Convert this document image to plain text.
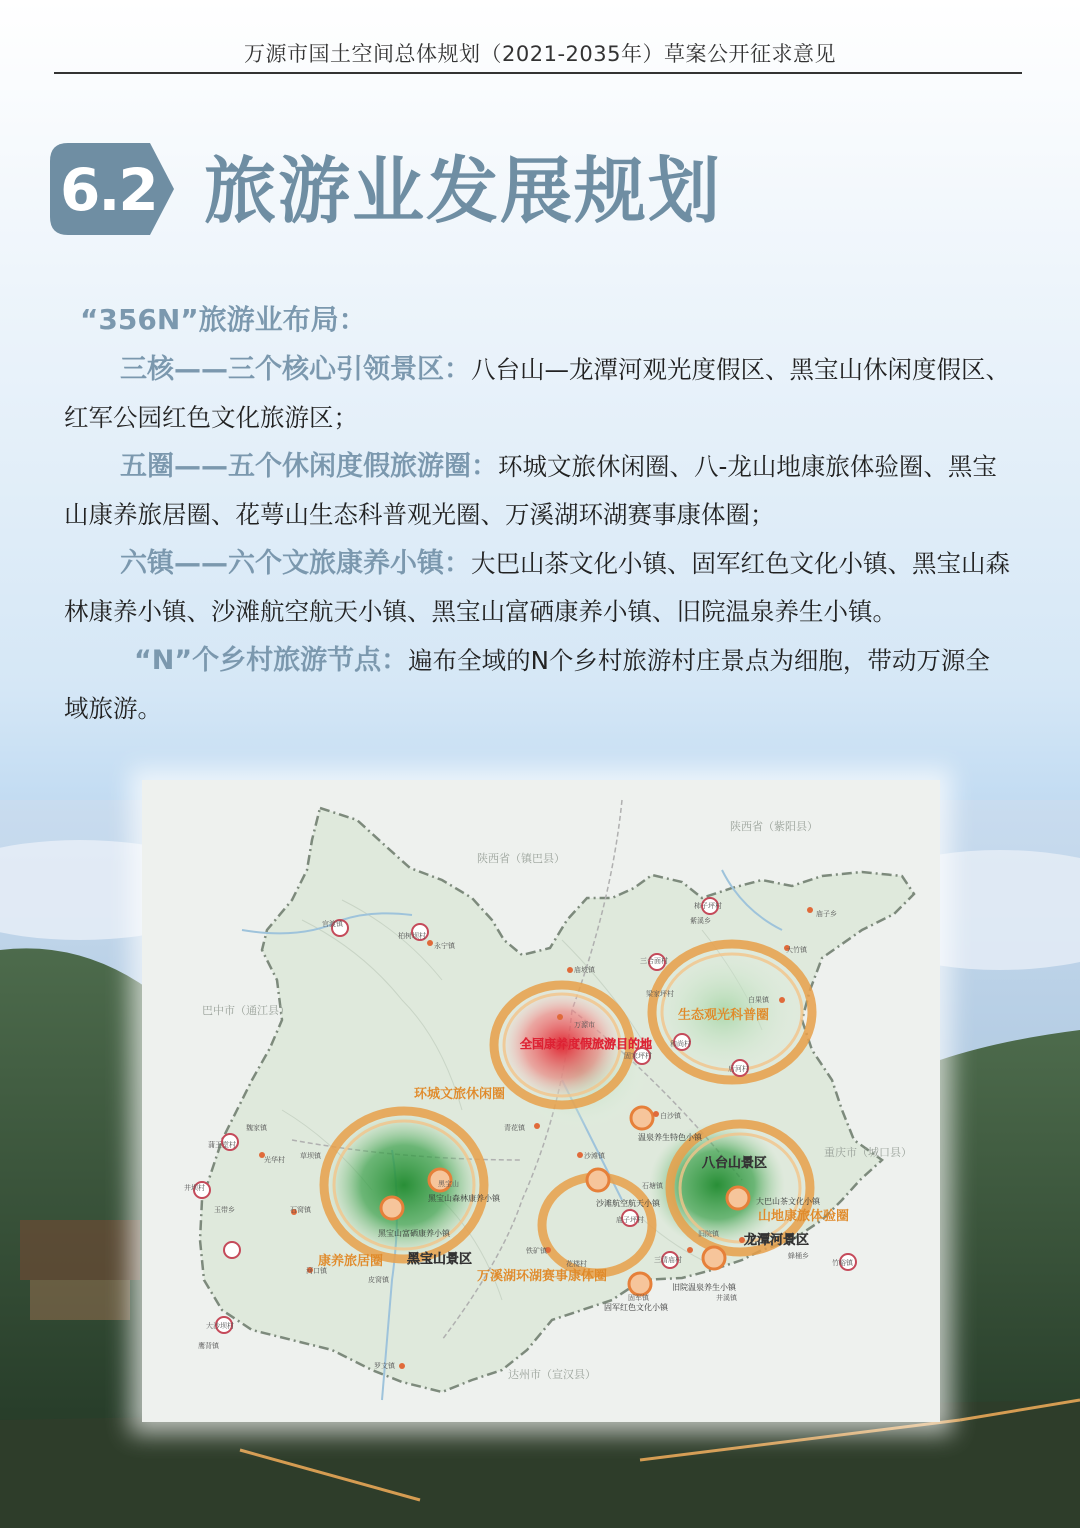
万源市国土空间总体规划（2021-2035年）草案公开征求意见
6.2 旅游业发展规划

“356N”旅游业布局：

三核——三个核心引领景区：八台山—龙潭河观光度假区、黑宝山休闲度假区、红军公园红色文化旅游区；

五圈——五个休闲度假旅游圈：环城文旅休闲圈、八-龙山地康旅体验圈、黑宝山康养旅居圈、花萼山生态科普观光圈、万溪湖环湖赛事康体圈；

六镇——六个文旅康养小镇：大巴山茶文化小镇、固军红色文化小镇、黑宝山森林康养小镇、沙滩航空航天小镇、黑宝山富硒康养小镇、旧院温泉养生小镇。

“N”个乡村旅游节点：遍布全域的N个乡村旅游村庄景点为细胞，带动万源全域旅游。

陕西省（镇巴县）
陕西省（紫阳县）
巴中市（通江县）
重庆市（城口县）
达州市（宣汉县）
全国康养度假旅游目的地
环城文旅休闲圈
生态观光科普圈
山地康旅体验圈
康养旅居圈
万溪湖环湖赛事康体圈
八台山景区
龙潭河景区
黑宝山景区
大巴山茶文化小镇
黑宝山森林康养小镇
黑宝山富硒康养小镇
沙滩航空航天小镇
温泉养生特色小镇
旧院温泉养生小镇
固军红色文化小镇
官渡镇
柏树坝村
永宁镇
柿子坪村
紫溪乡
庙子乡
大竹镇
三合面村
庙坡镇
梁家坪村
白果镇
和尚村
万源市
后河村
固家坪村
白沙镇
青花镇
沙滩镇
石塘镇
魏家镇
光华村 草坝镇
蒲王堂村
井坝村
玉带乡	石窝镇
黑宝山
鹰背镇
罗文镇
铁矿镇
旧院镇
蜂桶乡
三清庙村
庙子坪村
竹峪镇
河口镇
大沙坝村
皮窝镇
花楼村
固军镇	井溪镇
